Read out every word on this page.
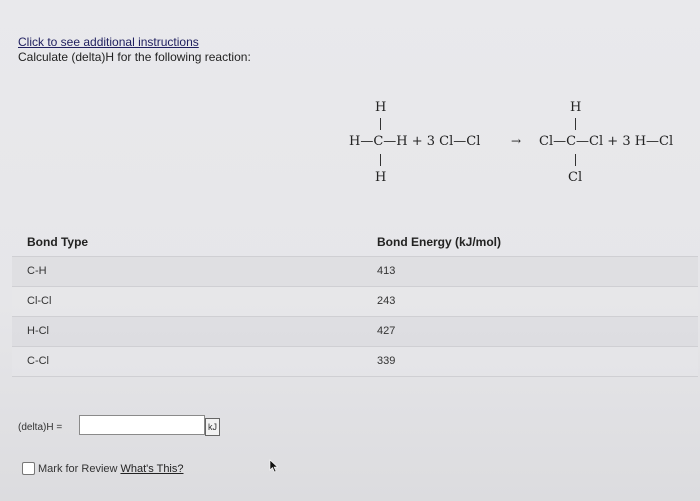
Click to see additional instructions
Calculate (delta)H for the following reaction:
H
H—C—H + 3 Cl—Cl
H
→
H
Cl—C—Cl + 3 H—Cl
Cl
Bond Type	Bond Energy (kJ/mol)
C-H	413
Cl-Cl	243
H-Cl	427
C-Cl	339
(delta)H =	kJ
Mark for Review What's This?
